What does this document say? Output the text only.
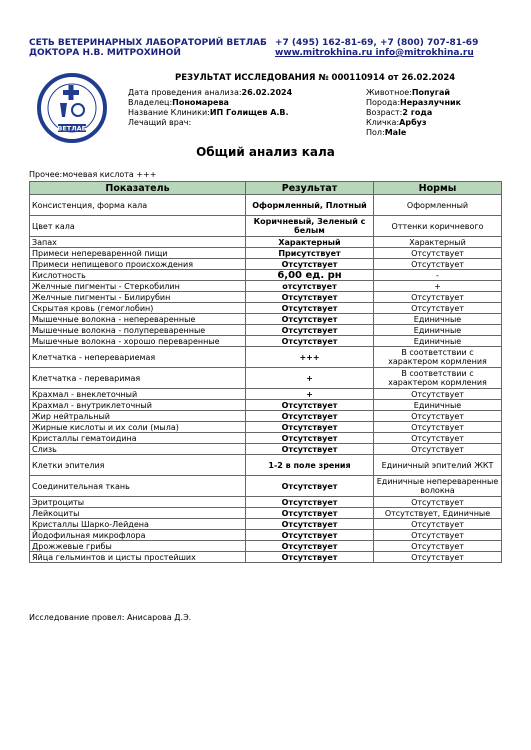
СЕТЬ ВЕТЕРИНАРНЫХ ЛАБОРАТОРИЙ ВЕТЛАБ
ДОКТОРА Н.В. МИТРОХИНОЙ
+7 (495) 162-81-69, +7 (800) 707-81-69
www.mitrokhina.ru info@mitrokhina.ru
ВЕТЛАБ
РЕЗУЛЬТАТ ИССЛЕДОВАНИЯ № 000110914 от 26.02.2024
Дата проведения анализа:26.02.2024
Владелец:Пономарева
Название Клиники:ИП Голищев А.В.
Лечащий врач:
Животное:Попугай
Порода:Неразлучник
Возраст:2 года
Кличка:Арбуз
Пол:Male
Общий анализ кала
Прочее:мочевая кислота +++
Показатель	Результат	Нормы
Консистенция, форма кала	Оформленный, Плотный	Оформленный
Цвет кала	Коричневый, Зеленый с белым	Оттенки коричневого
Запах	Характерный	Характерный
Примеси непереваренной пищи	Присутствует	Отсутствует
Примеси непищевого происхождения	Отсутствует	Отсутствует
Кислотность	6,00 ед. рн	-
Желчные пигменты - Стеркобилин	отсутствует	+
Желчные пигменты - Билирубин	Отсутствует	Отсутствует
Скрытая кровь (гемоглобин)	Отсутствует	Отсутствует
Мышечные волокна - непереваренные	Отсутствует	Единичные
Мышечные волокна - полупереваренные	Отсутствует	Единичные
Мышечные волокна - хорошо переваренные	Отсутствует	Единичные
Клетчатка - неперевариемая	+++	В соответствии с характером кормления
Клетчатка - переваримая	+	В соответствии с характером кормления
Крахмал - внеклеточный	+	Отсутствует
Крахмал - внутриклеточный	Отсутствует	Единичные
Жир нейтральный	Отсутствует	Отсутствует
Жирные кислоты и их соли (мыла)	Отсутствует	Отсутствует
Кристаллы гематоидина	Отсутствует	Отсутствует
Слизь	Отсутствует	Отсутствует
Клетки эпителия	1-2 в поле зрения	Единичный эпителий ЖКТ
Соединительная ткань	Отсутствует	Единичные непереваренные волокна
Эритроциты	Отсутствует	Отсутствует
Лейкоциты	Отсутствует	Отсутствует, Единичные
Кристаллы Шарко-Лейдена	Отсутствует	Отсутствует
Йодофильная микрофлора	Отсутствует	Отсутствует
Дрожжевые грибы	Отсутствует	Отсутствует
Яйца гельминтов и цисты простейших	Отсутствует	Отсутствует
Исследование провел: Анисарова Д.Э.
